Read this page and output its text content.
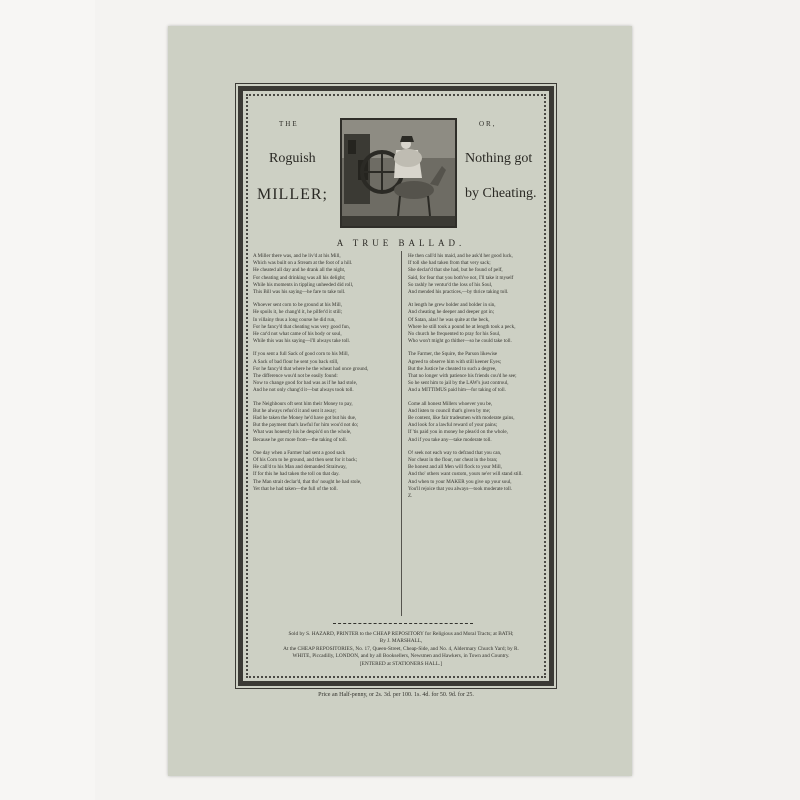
THE	OR,
Roguish
MILLER;
Nothing got
by Cheating.
A TRUE BALLAD.

A Miller there was, and he liv'd at his Mill,
Which was built on a Stream at the foot of a hill.
He cheated all day and he drank all the night,
For cheating and drinking was all his delight;
While his moments in tippling unheeded did roll,
This Bill was his saying—he fare to take toll.

Whoever sent corn to be ground at his Mill,
He spoils it, he chang'd it, he pilfer'd it still;
In villainy thus a long course he did run,
For he fancy'd that cheating was very good fun,
He car'd not what came of his body or soul,
While this was his saying—I'll always take toll.

If you sent a full Sack of good corn to his Mill,
A Sack of bad flour he sent you back still,
For he fancy'd that where he the wheat had once ground,
The difference wou'd not be easily found:
Now to change good for bad was as if he had stole,
And he not only chang'd it—but always took toll.

The Neighbours oft sent him their Money to pay,
But he always refus'd it and sent it away;
Had he taken the Money he'd have got but his due,
But the payment that's lawful for him wou'd not do;
What was honestly his he despis'd on the whole,
Because he got more from—the taking of toll.

One day when a Farmer had sent a good sack
Of his Corn to be ground, and then sent for it back;
He call'd to his Man and demanded Straitway,
If for this he had taken the toll on that day.
The Man strait declar'd, that tho' nought he had stole,
Yet that he had taken—the full of the toll.

He then call'd his maid, and he ask'd her good luck,
If toll she had taken from that very sack;
She declar'd that she had, but he found of pelf,
Said, for fear that you both've not, I'll take it myself
So rashly he ventur'd the loss of his Soul,
And mended his practices,—by thrice taking toll.

At length he grew bolder and bolder in sin,
And cheating he deeper and deeper got in;
Of Satan, alas! he was quite at the beck,
Where he still took a pound he at length took a peck,
No church he frequented to pray for his Soul,
Who won't might go thither—so he could take toll.

The Farmer, the Squire, the Parson likewise
Agreed to observe him with still keener Eyes;
But the Justice he cheated to such a degree,
That no longer with patience his friends cou'd he see;
So he sent him to jail by the LAW's just controul,
And a MITTIMUS paid him—for taking of toll.

Come all honest Millers whoever you be,
And listen to council that's given by me;
Be content, like fair tradesmen with moderate gains,
And look for a lawful reward of your pains;
If 'tis paid you in money he pleas'd on the whole,
And if you take any—take moderate toll.

O! seek not each way to defraud that you can,
Nor cheat in the flour, nor cheat in the bran;
Be honest and all Men will flock to your Mill,
And tho' others want custom, yours ne'er will stand still.
And when to your MAKER you give up your soul,
You'll rejoice that you always—took moderate toll.
Z.

Sold by S. HAZARD, PRINTER to the CHEAP REPOSITORY for Religious and Moral Tracts; at BATH;
By J. MARSHALL,
At the CHEAP REPOSITORIES, No. 17, Queen-Street, Cheap-Side, and No. 4, Aldermary Church Yard; by R.
WHITE, Piccadilly, LONDON, and by all Booksellers, Newsmen and Hawkers, in Town and Country.
[ENTERED at STATIONERS HALL.]
Price an Half-penny, or 2s. 3d. per 100. 1s. 4d. for 50. 9d. for 25.
